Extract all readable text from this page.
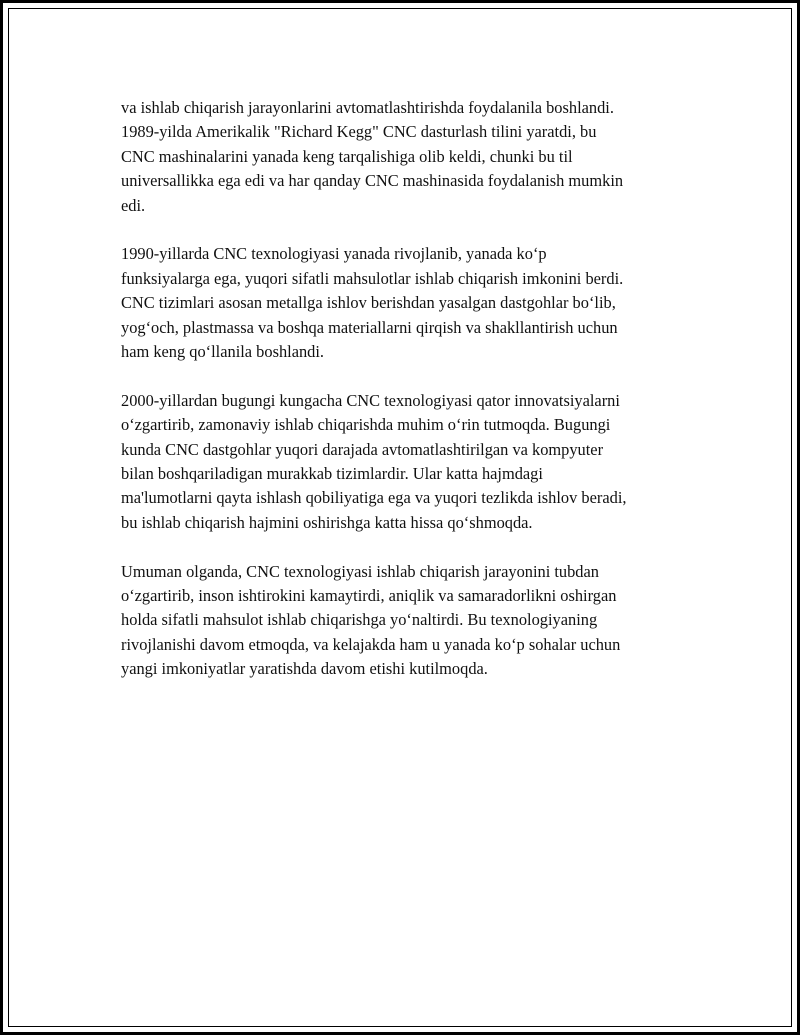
va ishlab chiqarish jarayonlarini avtomatlashtirishda foydalanila boshlandi.
1989-yilda Amerikalik "Richard Kegg" CNC dasturlash tilini yaratdi, bu
CNC mashinalarini yanada keng tarqalishiga olib keldi, chunki bu til
universallikka ega edi va har qanday CNC mashinasida foydalanish mumkin
edi.

1990-yillarda CNC texnologiyasi yanada rivojlanib, yanada koʻp
funksiyalarga ega, yuqori sifatli mahsulotlar ishlab chiqarish imkonini berdi.
CNC tizimlari asosan metallga ishlov berishdan yasalgan dastgohlar boʻlib,
yogʻoch, plastmassa va boshqa materiallarni qirqish va shakllantirish uchun
ham keng qoʻllanila boshlandi.

2000-yillardan bugungi kungacha CNC texnologiyasi qator innovatsiyalarni
oʻzgartirib, zamonaviy ishlab chiqarishda muhim oʻrin tutmoqda. Bugungi
kunda CNC dastgohlar yuqori darajada avtomatlashtirilgan va kompyuter
bilan boshqariladigan murakkab tizimlardir. Ular katta hajmdagi
ma'lumotlarni qayta ishlash qobiliyatiga ega va yuqori tezlikda ishlov beradi,
bu ishlab chiqarish hajmini oshirishga katta hissa qoʻshmoqda.

Umuman olganda, CNC texnologiyasi ishlab chiqarish jarayonini tubdan
oʻzgartirib, inson ishtirokini kamaytirdi, aniqlik va samaradorlikni oshirgan
holda sifatli mahsulot ishlab chiqarishga yoʻnaltirdi. Bu texnologiyaning
rivojlanishi davom etmoqda, va kelajakda ham u yanada koʻp sohalar uchun
yangi imkoniyatlar yaratishda davom etishi kutilmoqda.
